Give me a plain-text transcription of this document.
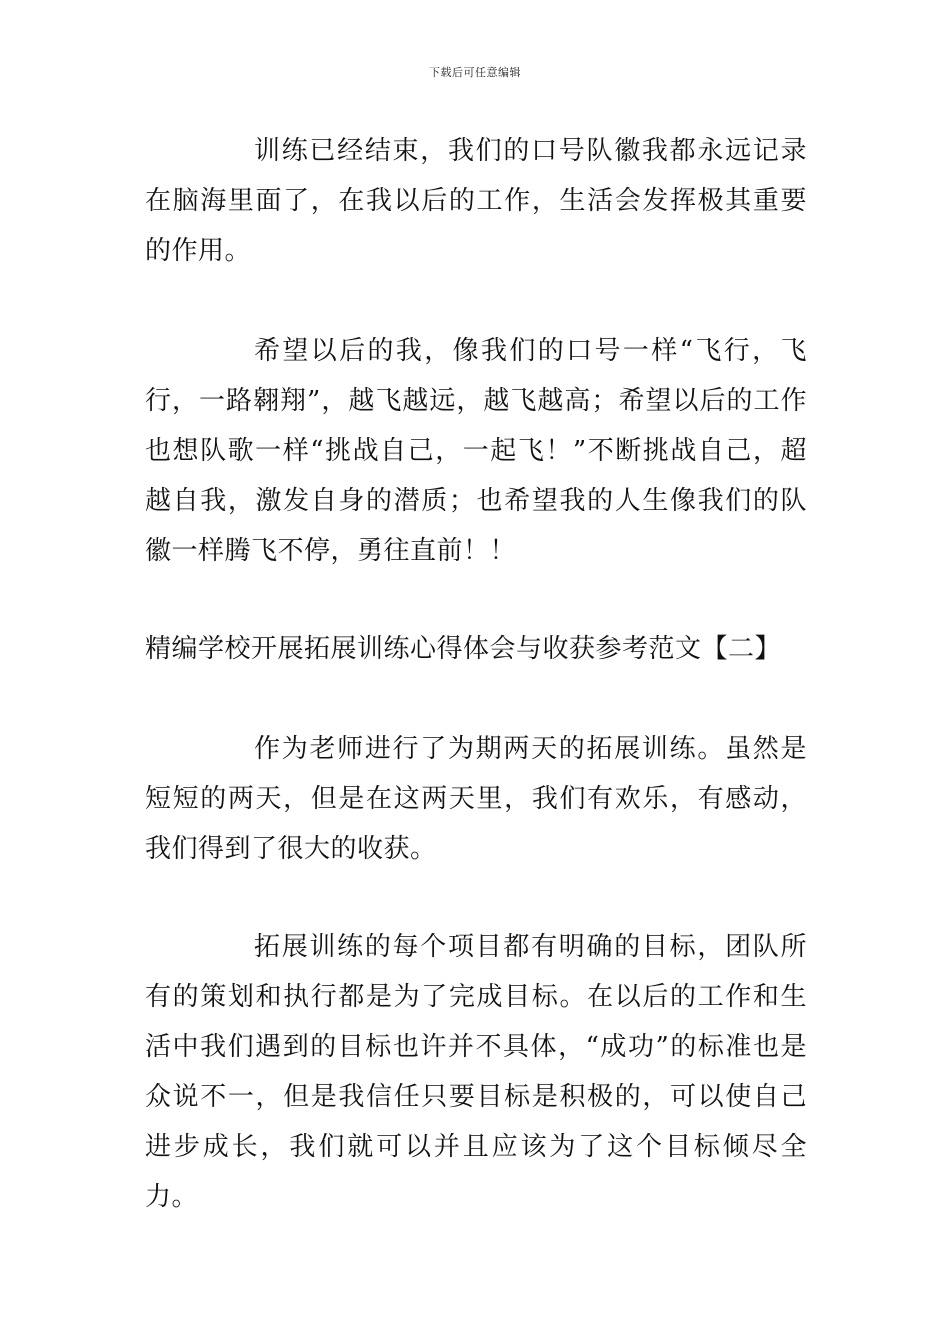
下载后可任意编辑

训练已经结束，我们的口号队徽我都永远记录在脑海里面了，在我以后的工作，生活会发挥极其重要的作用。

希望以后的我，像我们的口号一样“飞行，飞行，一路翱翔”，越飞越远，越飞越高；希望以后的工作也想队歌一样“挑战自己，一起飞！”不断挑战自己，超越自我，激发自身的潜质；也希望我的人生像我们的队徽一样腾飞不停，勇往直前！！

精编学校开展拓展训练心得体会与收获参考范文【二】

作为老师进行了为期两天的拓展训练。虽然是短短的两天，但是在这两天里，我们有欢乐，有感动，我们得到了很大的收获。

拓展训练的每个项目都有明确的目标，团队所有的策划和执行都是为了完成目标。在以后的工作和生活中我们遇到的目标也许并不具体，“成功”的标准也是众说不一，但是我信任只要目标是积极的，可以使自己进步成长，我们就可以并且应该为了这个目标倾尽全力。
